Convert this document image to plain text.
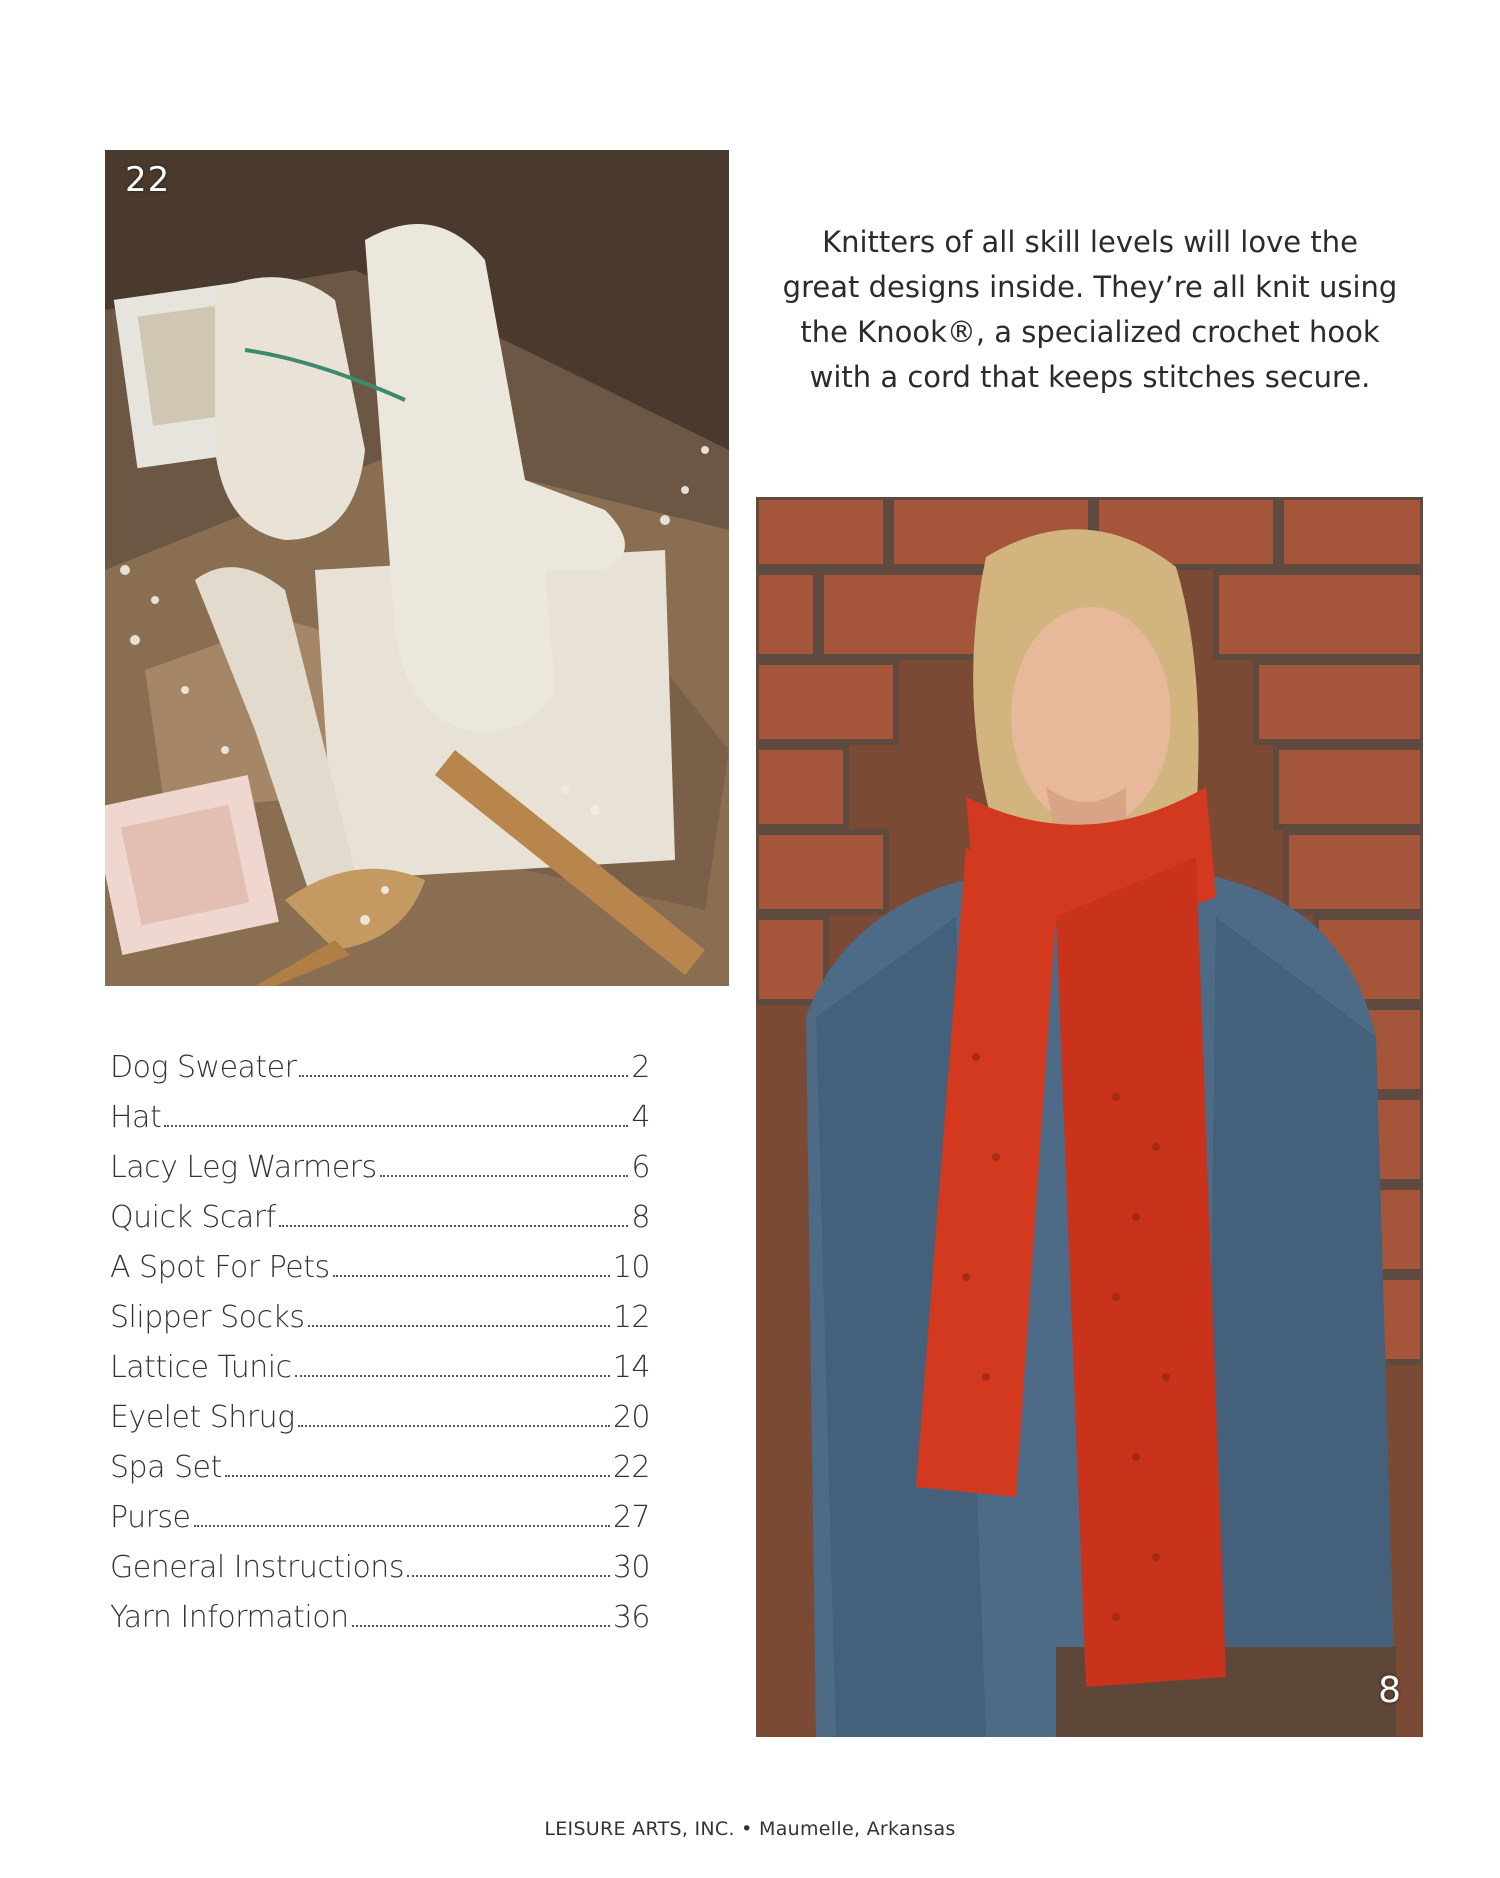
22

Knitters of all skill levels will love the

great designs inside. They’re all knit using

the Knook®, a specialized crochet hook

with a cord that keeps stitches secure.

8
Dog Sweater	2
Hat	4
Lacy Leg Warmers	6
Quick Scarf	8
A Spot For Pets	10
Slipper Socks	12
Lattice Tunic	14
Eyelet Shrug	20
Spa Set	22
Purse	27
General Instructions	30
Yarn Information	36
LEISURE ARTS, INC. • Maumelle, Arkansas
